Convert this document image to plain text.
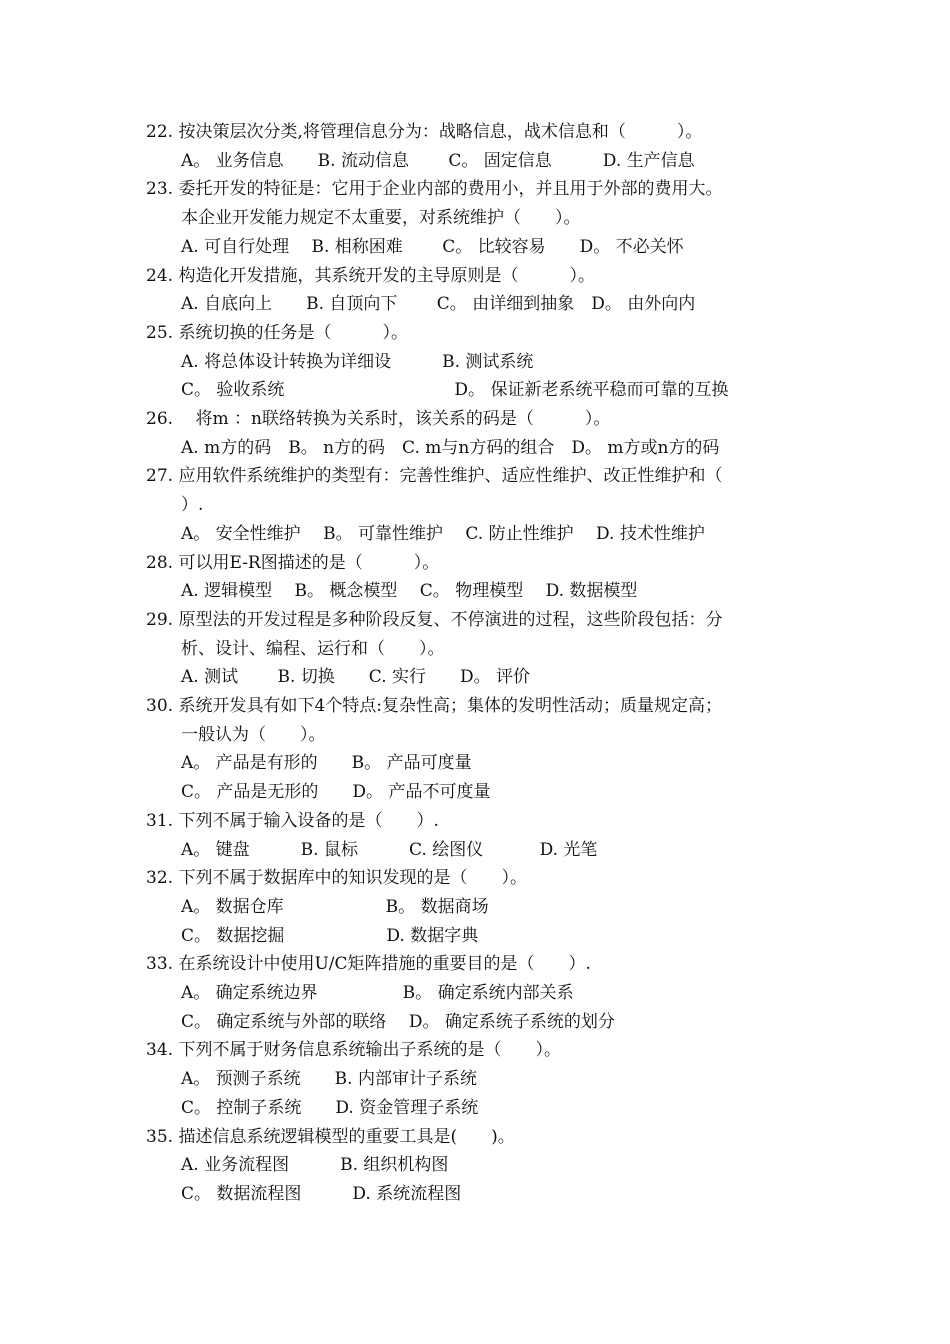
22. 按决策层次分类,将管理信息分为：战略信息，战术信息和（　　　）。
A。 业务信息　　B. 流动信息　　 C。 固定信息　　　D. 生产信息
23. 委托开发的特征是：它用于企业内部的费用小，并且用于外部的费用大。
本企业开发能力规定不太重要，对系统维护（　　）。
A. 可自行处理　 B. 相称困难　　 C。 比较容易　　D。 不必关怀
24. 构造化开发措施，其系统开发的主导原则是（　　　）。
A. 自底向上　　B. 自顶向下　　 C。 由详细到抽象　D。 由外向内
25. 系统切换的任务是（　　　）。
A. 将总体设计转换为详细设　　　B. 测试系统
C。 验收系统　　　　　　　　　　D。 保证新老系统平稳而可靠的互换
26.　 将m ：n联络转换为关系时，该关系的码是（　　　）。
A. m方的码　B。 n方的码　C. m与n方码的组合　D。 m方或n方的码
27. 应用软件系统维护的类型有：完善性维护、适应性维护、改正性维护和（
）.
A。 安全性维护　 B。 可靠性维护　 C. 防止性维护　 D. 技术性维护
28. 可以用E-R图描述的是（　　　）。
A. 逻辑模型　 B。 概念模型　 C。 物理模型　 D. 数据模型
29. 原型法的开发过程是多种阶段反复、不停演进的过程，这些阶段包括：分
析、设计、编程、运行和（　　）。
A. 测试　　 B. 切换　　C. 实行　　D。 评价
30. 系统开发具有如下4个特点:复杂性高；集体的发明性活动；质量规定高；
一般认为（　　）。
A。 产品是有形的　　B。 产品可度量
C。 产品是无形的　　D。 产品不可度量
31. 下列不属于输入设备的是（　　）.
A。 键盘　　　B. 鼠标　　　C. 绘图仪　　　 D. 光笔
32. 下列不属于数据库中的知识发现的是（　　）。
A。 数据仓库　　　　　　B。 数据商场
C。 数据挖掘　　　　　　D. 数据字典
33. 在系统设计中使用U/C矩阵措施的重要目的是（　　）.
A。 确定系统边界　　　　　B。 确定系统内部关系
C。 确定系统与外部的联络　 D。 确定系统子系统的划分
34. 下列不属于财务信息系统输出子系统的是（　　）。
A。 预测子系统　　B. 内部审计子系统
C。 控制子系统　　D. 资金管理子系统
35. 描述信息系统逻辑模型的重要工具是(　　)。
A. 业务流程图　　　B. 组织机构图
C。 数据流程图　　　D. 系统流程图
